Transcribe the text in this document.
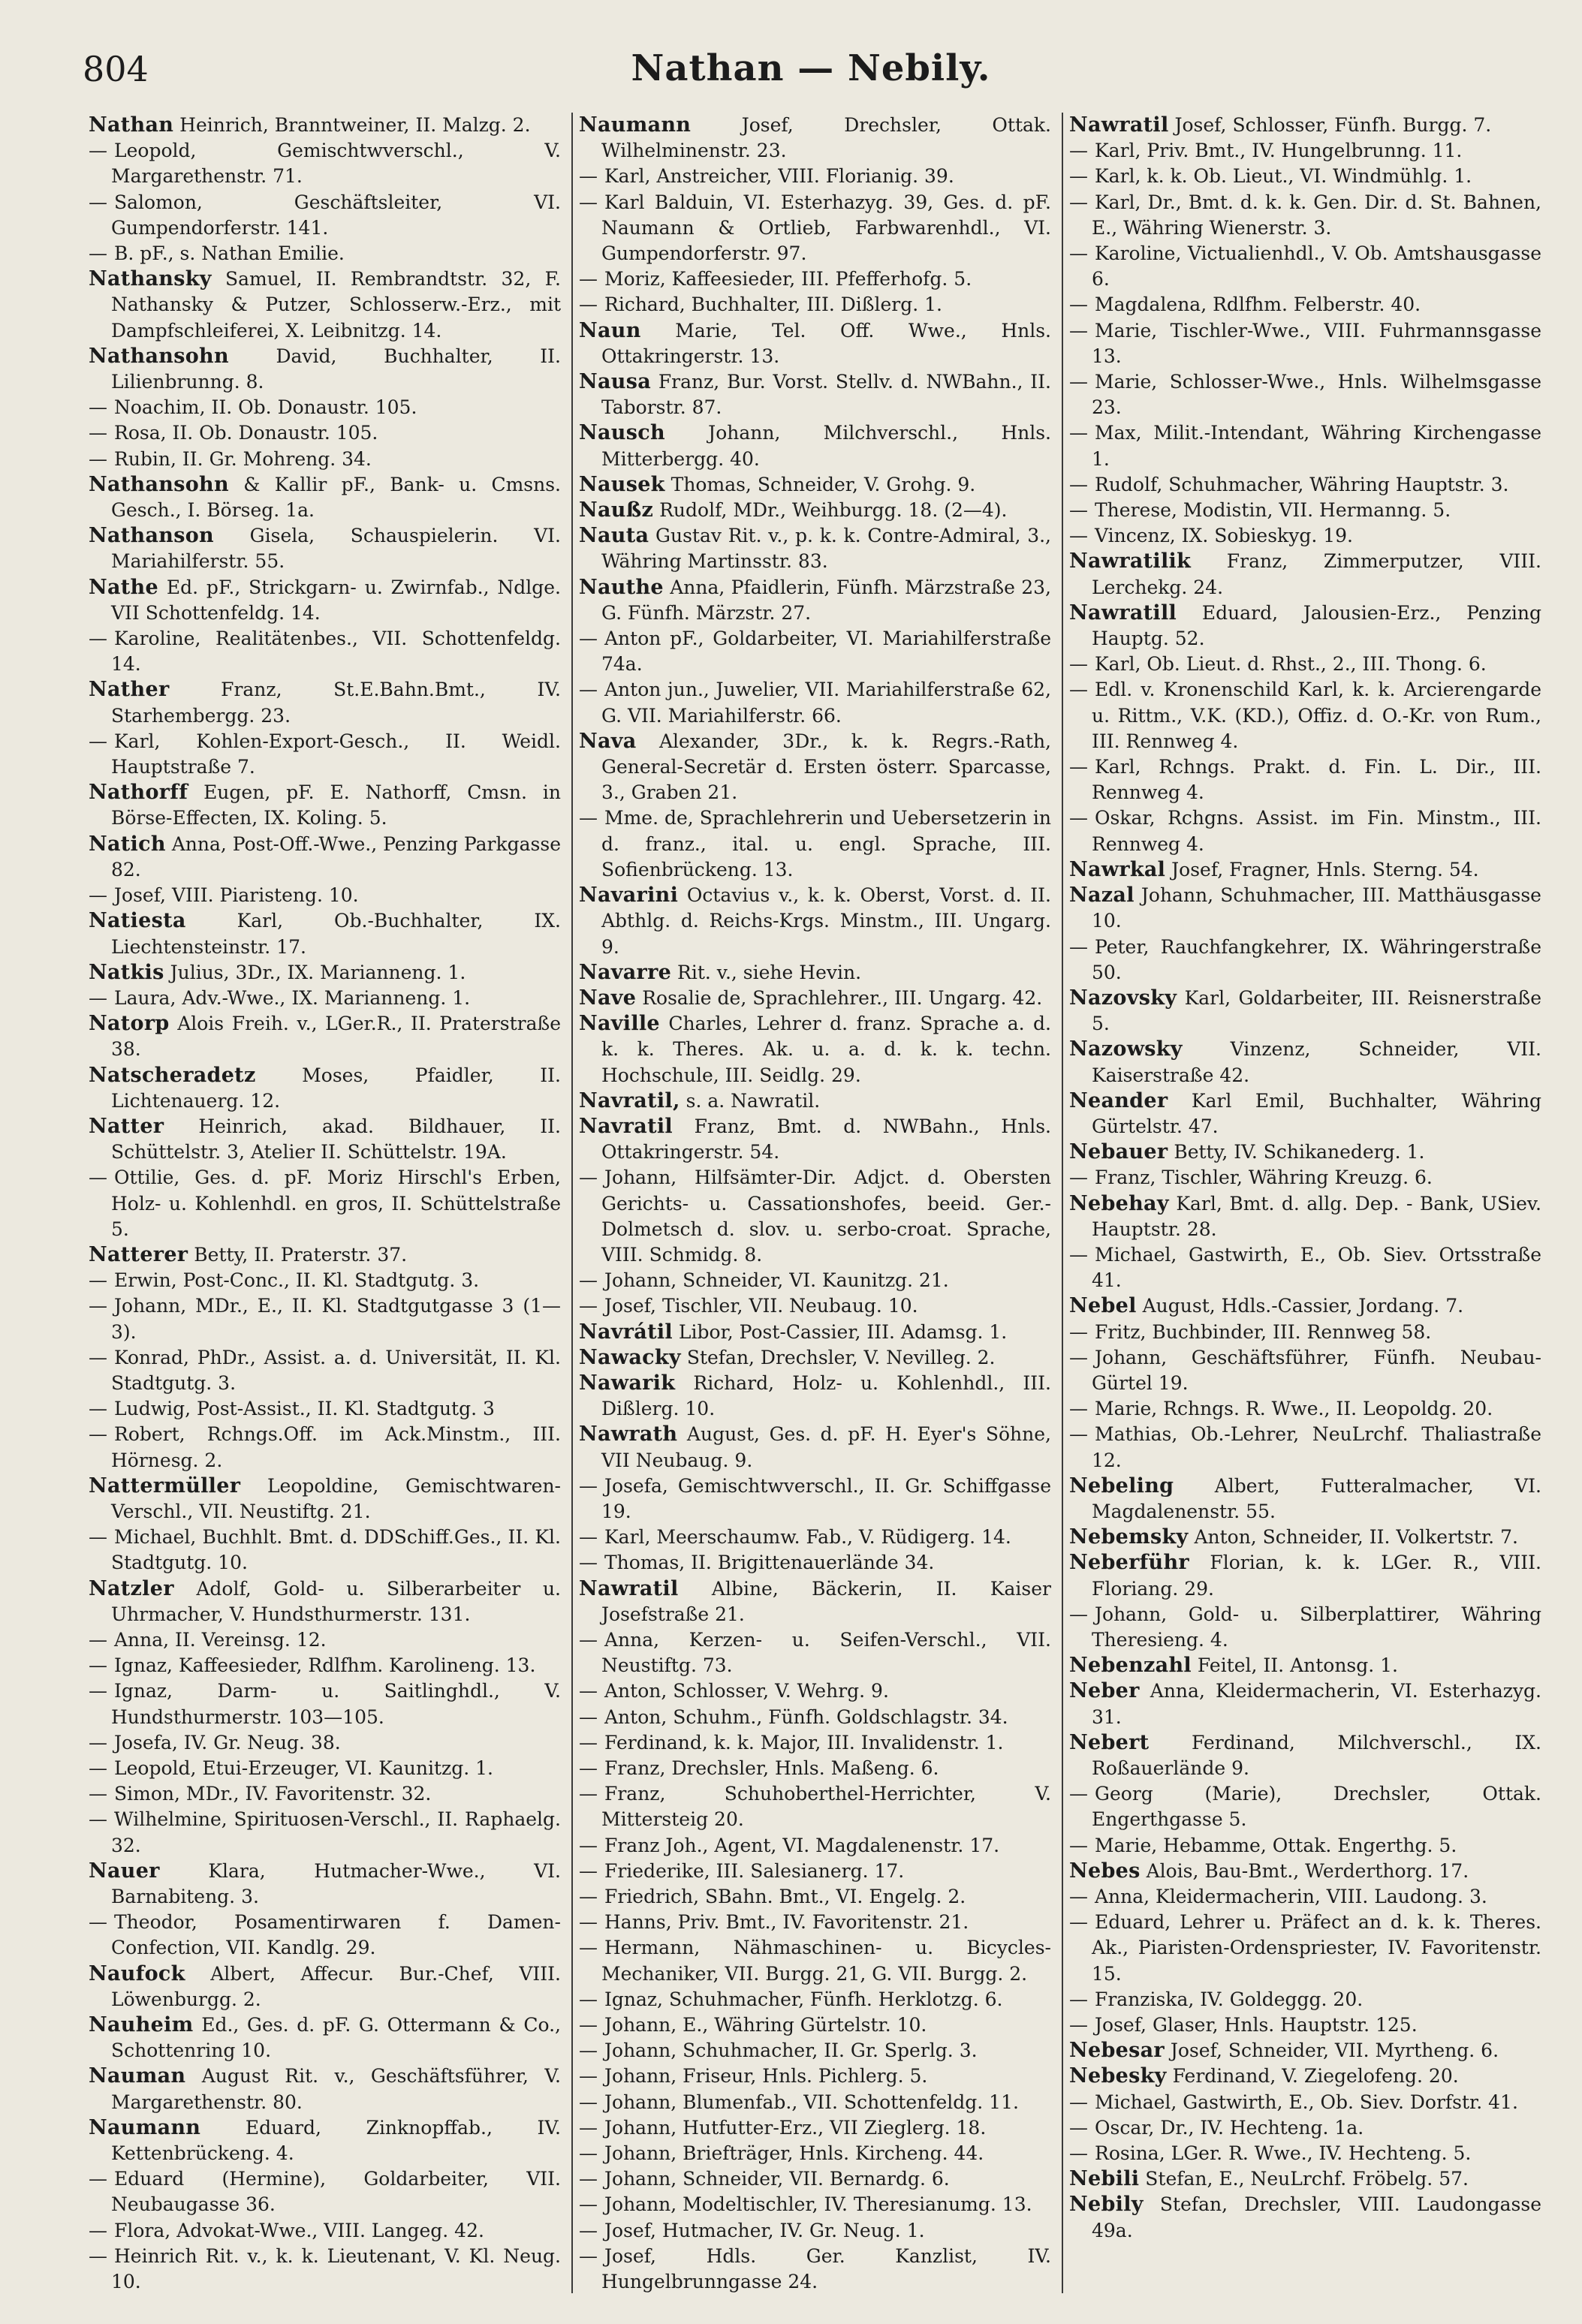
804	Nathan — Nebily.
Nathan Heinrich, Branntweiner, II. Malzg. 2.
— Leopold, Gemischtwverschl., V. Margarethenstr. 71.
— Salomon, Geschäftsleiter, VI. Gumpendorferstr. 141.
— B. pF., s. Nathan Emilie.
Nathansky Samuel, II. Rembrandtstr. 32, F. Nathansky & Putzer, Schlosserw.-Erz., mit Dampfschleiferei, X. Leibnitzg. 14.
Nathansohn	David, Buchhalter, II. Lilienbrunng. 8.
— Noachim, II. Ob. Donaustr. 105.
— Rosa, II. Ob. Donaustr. 105.
— Rubin, II. Gr. Mohreng. 34.
Nathansohn & Kallir pF., Bank- u. Cmsns. Gesch., I. Börseg. 1a.
Nathanson Gisela, Schauspielerin. VI. Mariahilferstr. 55.
Nathe Ed. pF., Strickgarn- u. Zwirnfab., Ndlge. VII Schottenfeldg. 14.
— Karoline, Realitätenbes., VII. Schottenfeldg. 14.
Nather	Franz, St.E.Bahn.Bmt., IV. Starhembergg. 23.
— Karl, Kohlen-Export-Gesch., II. Weidl. Hauptstraße 7.
Nathorff Eugen, pF. E. Nathorff, Cmsn. in Börse-Effecten, IX. Koling. 5.
Natich Anna, Post-Off.-Wwe., Penzing Parkgasse 82.
— Josef, VIII. Piaristeng. 10.
Natiesta	Karl, Ob.-Buchhalter, IX. Liechtensteinstr. 17.
Natkis Julius, 3Dr., IX. Marianneng. 1.
— Laura, Adv.-Wwe., IX. Marianneng. 1.
Natorp Alois Freih. v., LGer.R., II. Praterstraße 38.
Natscheradetz Moses, Pfaidler, II. Lichtenauerg. 12.
Natter Heinrich, akad. Bildhauer, II. Schüttelstr. 3, Atelier II. Schüttelstr. 19A.
— Ottilie, Ges. d. pF. Moriz Hirschl's Erben, Holz- u. Kohlenhdl. en gros, II. Schüttelstraße 5.
Natterer Betty, II. Praterstr. 37.
— Erwin, Post-Conc., II. Kl. Stadtgutg. 3.
— Johann, MDr., E., II. Kl. Stadtgutgasse 3 (1—3).
— Konrad, PhDr., Assist. a. d. Universität, II. Kl. Stadtgutg. 3.
— Ludwig, Post-Assist., II. Kl. Stadtgutg. 3
— Robert, Rchngs.Off. im Ack.Minstm., III. Hörnesg. 2.
Nattermüller Leopoldine, Gemischtwaren-Verschl., VII. Neustiftg. 21.
— Michael, Buchhlt. Bmt. d. DDSchiff.Ges., II. Kl. Stadtgutg. 10.
Natzler Adolf, Gold- u. Silberarbeiter u. Uhrmacher, V. Hundsthurmerstr. 131.
— Anna, II. Vereinsg. 12.
— Ignaz, Kaffeesieder, Rdlfhm. Karolineng. 13.
— Ignaz, Darm- u. Saitlinghdl., V. Hundsthurmerstr. 103—105.
— Josefa, IV. Gr. Neug. 38.
— Leopold, Etui-Erzeuger, VI. Kaunitzg. 1.
— Simon, MDr., IV. Favoritenstr. 32.
— Wilhelmine, Spirituosen-Verschl., II. Raphaelg. 32.
Nauer	Klara, Hutmacher-Wwe., VI. Barnabiteng. 3.
— Theodor, Posamentirwaren f. Damen-Confection, VII. Kandlg. 29.
Naufock Albert, Affecur. Bur.-Chef, VIII. Löwenburgg. 2.
Nauheim Ed., Ges. d. pF. G. Ottermann & Co., Schottenring 10.
Nauman August Rit. v., Geschäftsführer, V. Margarethenstr. 80.
Naumann Eduard, Zinknopffab., IV. Kettenbrückeng. 4.
— Eduard (Hermine), Goldarbeiter, VII. Neubaugasse 36.
— Flora, Advokat-Wwe., VIII. Langeg. 42.
— Heinrich Rit. v., k. k. Lieutenant, V. Kl. Neug. 10.
Naumann	Josef, Drechsler, Ottak. Wilhelminenstr. 23.
— Karl, Anstreicher, VIII. Florianig. 39.
— Karl Balduin, VI. Esterhazyg. 39, Ges. d. pF. Naumann & Ortlieb, Farbwarenhdl., VI. Gumpendorferstr. 97.
— Moriz, Kaffeesieder, III. Pfefferhofg. 5.
— Richard, Buchhalter, III. Dißlerg. 1.
Naun Marie, Tel. Off. Wwe., Hnls. Ottakringerstr. 13.
Nausa Franz, Bur. Vorst. Stellv. d. NWBahn., II. Taborstr. 87.
Nausch Johann, Milchverschl., Hnls. Mitterbergg. 40.
Nausek Thomas, Schneider, V. Grohg. 9.
Naußz Rudolf, MDr., Weihburgg. 18. (2—4).
Nauta Gustav Rit. v., p. k. k. Contre-Admiral, 3., Währing Martinsstr. 83.
Nauthe Anna, Pfaidlerin, Fünfh. Märzstraße 23, G. Fünfh. Märzstr. 27.
— Anton pF., Goldarbeiter, VI. Mariahilferstraße 74a.
— Anton jun., Juwelier, VII. Mariahilferstraße 62, G. VII. Mariahilferstr. 66.
Nava Alexander, 3Dr., k. k. Regrs.-Rath, General-Secretär d. Ersten österr. Sparcasse, 3., Graben 21.
— Mme. de, Sprachlehrerin und Uebersetzerin in d. franz., ital. u. engl. Sprache, III. Sofienbrückeng. 13.
Navarini Octavius v., k. k. Oberst, Vorst. d. II. Abthlg. d. Reichs-Krgs. Minstm., III. Ungarg. 9.
Navarre Rit. v., siehe Hevin.
Nave Rosalie de, Sprachlehrer., III. Ungarg. 42.
Naville Charles, Lehrer d. franz. Sprache a. d. k. k. Theres. Ak. u. a. d. k. k. techn. Hochschule, III. Seidlg. 29.
Navratil, s. a. Nawratil.
Navratil Franz, Bmt. d. NWBahn., Hnls. Ottakringerstr. 54.
— Johann, Hilfsämter-Dir. Adjct. d. Obersten Gerichts- u. Cassationshofes, beeid. Ger.-Dolmetsch d. slov. u. serbo-croat. Sprache, VIII. Schmidg. 8.
— Johann, Schneider, VI. Kaunitzg. 21.
— Josef, Tischler, VII. Neubaug. 10.
Navrátil Libor, Post-Cassier, III. Adamsg. 1.
Nawacky Stefan, Drechsler, V. Nevilleg. 2.
Nawarik Richard, Holz- u. Kohlenhdl., III. Dißlerg. 10.
Nawrath August, Ges. d. pF. H. Eyer's Söhne, VII Neubaug. 9.
— Josefa, Gemischtwverschl., II. Gr. Schiffgasse 19.
— Karl, Meerschaumw. Fab., V. Rüdigerg. 14.
— Thomas, II. Brigittenauerlände 34.
Nawratil Albine, Bäckerin, II. Kaiser Josefstraße 21.
— Anna, Kerzen- u. Seifen-Verschl., VII. Neustiftg. 73.
— Anton, Schlosser, V. Wehrg. 9.
— Anton, Schuhm., Fünfh. Goldschlagstr. 34.
— Ferdinand, k. k. Major, III. Invalidenstr. 1.
— Franz, Drechsler, Hnls. Maßeng. 6.
— Franz, Schuhoberthel-Herrichter, V. Mittersteig 20.
— Franz Joh., Agent, VI. Magdalenenstr. 17.
— Friederike, III. Salesianerg. 17.
— Friedrich, SBahn. Bmt., VI. Engelg. 2.
— Hanns, Priv. Bmt., IV. Favoritenstr. 21.
— Hermann, Nähmaschinen- u. Bicycles-Mechaniker, VII. Burgg. 21, G. VII. Burgg. 2.
— Ignaz, Schuhmacher, Fünfh. Herklotzg. 6.
— Johann, E., Währing Gürtelstr. 10.
— Johann, Schuhmacher, II. Gr. Sperlg. 3.
— Johann, Friseur, Hnls. Pichlerg. 5.
— Johann, Blumenfab., VII. Schottenfeldg. 11.
— Johann, Hutfutter-Erz., VII Zieglerg. 18.
— Johann, Briefträger, Hnls. Kircheng. 44.
— Johann, Schneider, VII. Bernardg. 6.
— Johann, Modeltischler, IV. Theresianumg. 13.
— Josef, Hutmacher, IV. Gr. Neug. 1.
— Josef, Hdls. Ger. Kanzlist, IV. Hungelbrunngasse 24.
Nawratil Josef, Schlosser, Fünfh. Burgg. 7.
— Karl, Priv. Bmt., IV. Hungelbrunng. 11.
— Karl, k. k. Ob. Lieut., VI. Windmühlg. 1.
— Karl, Dr., Bmt. d. k. k. Gen. Dir. d. St. Bahnen, E., Währing Wienerstr. 3.
— Karoline, Victualienhdl., V. Ob. Amtshausgasse 6.
— Magdalena, Rdlfhm. Felberstr. 40.
— Marie, Tischler-Wwe., VIII. Fuhrmannsgasse 13.
— Marie, Schlosser-Wwe., Hnls. Wilhelmsgasse 23.
— Max, Milit.-Intendant, Währing Kirchengasse 1.
— Rudolf, Schuhmacher, Währing Hauptstr. 3.
— Therese, Modistin, VII. Hermanng. 5.
— Vincenz, IX. Sobieskyg. 19.
Nawratilik Franz, Zimmerputzer, VIII. Lerchekg. 24.
Nawratill Eduard, Jalousien-Erz., Penzing Hauptg. 52.
— Karl, Ob. Lieut. d. Rhst., 2., III. Thong. 6.
— Edl. v. Kronenschild Karl, k. k. Arcierengarde u. Rittm., V.K. (KD.), Offiz. d. O.-Kr. von Rum., III. Rennweg 4.
— Karl, Rchngs. Prakt. d. Fin. L. Dir., III. Rennweg 4.
— Oskar, Rchgns. Assist. im Fin. Minstm., III. Rennweg 4.
Nawrkal Josef, Fragner, Hnls. Sterng. 54.
Nazal Johann, Schuhmacher, III. Matthäusgasse 10.
— Peter, Rauchfangkehrer, IX. Währingerstraße 50.
Nazovsky Karl, Goldarbeiter, III. Reisnerstraße 5.
Nazowsky	Vinzenz, Schneider, VII. Kaiserstraße 42.
Neander Karl Emil, Buchhalter, Währing Gürtelstr. 47.
Nebauer Betty, IV. Schikanederg. 1.
— Franz, Tischler, Währing Kreuzg. 6.
Nebehay Karl, Bmt. d. allg. Dep. - Bank, USiev. Hauptstr. 28.
— Michael, Gastwirth, E., Ob. Siev. Ortsstraße 41.
Nebel August, Hdls.-Cassier, Jordang. 7.
— Fritz, Buchbinder, III. Rennweg 58.
— Johann, Geschäftsführer, Fünfh. Neubau-Gürtel 19.
— Marie, Rchngs. R. Wwe., II. Leopoldg. 20.
— Mathias, Ob.-Lehrer, NeuLrchf. Thaliastraße 12.
Nebeling Albert, Futteralmacher, VI. Magdalenenstr. 55.
Nebemsky Anton, Schneider, II. Volkertstr. 7.
Neberführ Florian, k. k. LGer. R., VIII. Floriang. 29.
— Johann, Gold- u. Silberplattirer, Währing Theresieng. 4.
Nebenzahl Feitel, II. Antonsg. 1.
Neber Anna, Kleidermacherin, VI. Esterhazyg. 31.
Nebert Ferdinand, Milchverschl., IX. Roßauerlände 9.
— Georg (Marie), Drechsler, Ottak. Engerthgasse 5.
— Marie, Hebamme, Ottak. Engerthg. 5.
Nebes Alois, Bau-Bmt., Werderthorg. 17.
— Anna, Kleidermacherin, VIII. Laudong. 3.
— Eduard, Lehrer u. Präfect an d. k. k. Theres. Ak., Piaristen-Ordenspriester, IV. Favoritenstr. 15.
— Franziska, IV. Goldeggg. 20.
— Josef, Glaser, Hnls. Hauptstr. 125.
Nebesar Josef, Schneider, VII. Myrtheng. 6.
Nebesky Ferdinand, V. Ziegelofeng. 20.
— Michael, Gastwirth, E., Ob. Siev. Dorfstr. 41.
— Oscar, Dr., IV. Hechteng. 1a.
— Rosina, LGer. R. Wwe., IV. Hechteng. 5.
Nebili Stefan, E., NeuLrchf. Fröbelg. 57.
Nebily Stefan, Drechsler, VIII. Laudongasse 49a.
